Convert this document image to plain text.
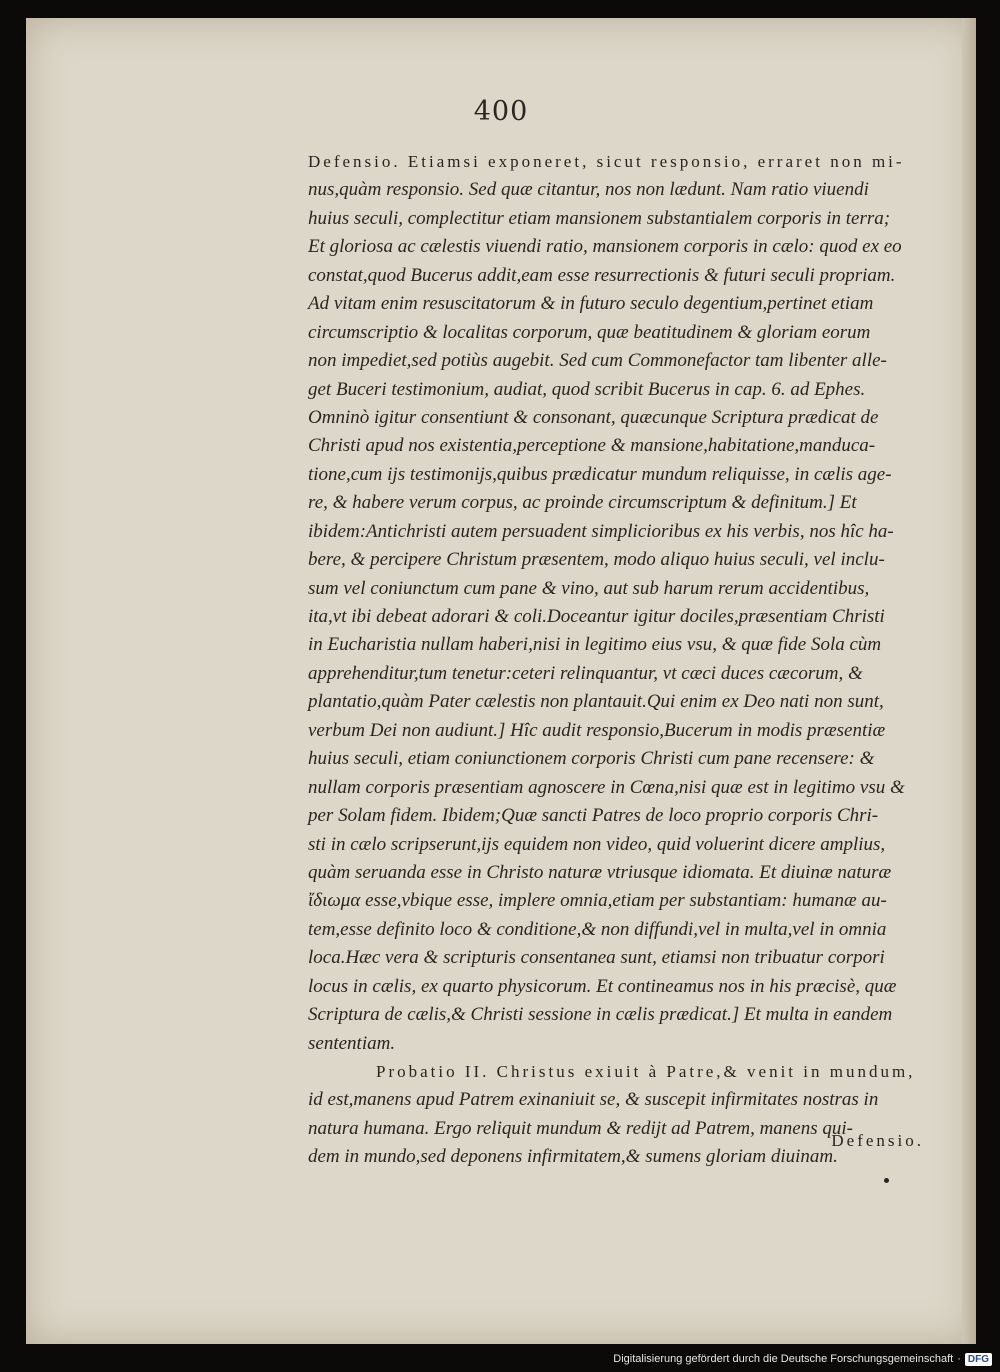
400
Defensio. Etiamsi exponeret, sicut responsio, erraret non mi-
nus,quàm responsio. Sed quæ citantur, nos non lædunt. Nam ratio viuendi
huius seculi, complectitur etiam mansionem substantialem corporis in terra;
Et gloriosa ac cælestis viuendi ratio, mansionem corporis in cælo: quod ex eo
constat,quod Bucerus addit,eam esse resurrectionis & futuri seculi propriam.
Ad vitam enim resuscitatorum & in futuro seculo degentium,pertinet etiam
circumscriptio & localitas corporum, quæ beatitudinem & gloriam eorum
non impediet,sed potiùs augebit. Sed cum Commonefactor tam libenter alle-
get Buceri testimonium, audiat, quod scribit Bucerus in cap. 6. ad Ephes.
Omninò igitur consentiunt & consonant, quæcunque Scriptura prædicat de
Christi apud nos existentia,perceptione & mansione,habitatione,manduca-
tione,cum ijs testimonijs,quibus prædicatur mundum reliquisse, in cælis age-
re, & habere verum corpus, ac proinde circumscriptum & definitum.] Et
ibidem:Antichristi autem persuadent simplicioribus ex his verbis, nos hîc ha-
bere, & percipere Christum præsentem, modo aliquo huius seculi, vel inclu-
sum vel coniunctum cum pane & vino, aut sub harum rerum accidentibus,
ita,vt ibi debeat adorari & coli.Doceantur igitur dociles,præsentiam Christi
in Eucharistia nullam haberi,nisi in legitimo eius vsu, & quæ fide Sola cùm
apprehenditur,tum tenetur:ceteri relinquantur, vt cæci duces cæcorum, &
plantatio,quàm Pater cælestis non plantauit.Qui enim ex Deo nati non sunt,
verbum Dei non audiunt.] Hîc audit responsio,Bucerum in modis præsentiæ
huius seculi, etiam coniunctionem corporis Christi cum pane recensere: &
nullam corporis præsentiam agnoscere in Cœna,nisi quæ est in legitimo vsu &
per Solam fidem. Ibidem;Quæ sancti Patres de loco proprio corporis Chri-
sti in cælo scripserunt,ijs equidem non video, quid voluerint dicere amplius,
quàm seruanda esse in Christo naturæ vtriusque idiomata. Et diuinæ naturæ
ἴδιωμα esse,vbique esse, implere omnia,etiam per substantiam: humanæ au-
tem,esse definito loco & conditione,& non diffundi,vel in multa,vel in omnia
loca.Hæc vera & scripturis consentanea sunt, etiamsi non tribuatur corpori
locus in cælis, ex quarto physicorum. Et contineamus nos in his præcisè, quæ
Scriptura de cælis,& Christi sessione in cælis prædicat.] Et multa in eandem
sententiam.
Probatio II. Christus exiuit à Patre,& venit in mundum,
id est,manens apud Patrem exinaniuit se, & suscepit infirmitates nostras in
natura humana. Ergo reliquit mundum & redijt ad Patrem, manens qui-
dem in mundo,sed deponens infirmitatem,& sumens gloriam diuinam.
Defensio.
Digitalisierung gefördert durch die Deutsche Forschungsgemeinschaft · DFG
